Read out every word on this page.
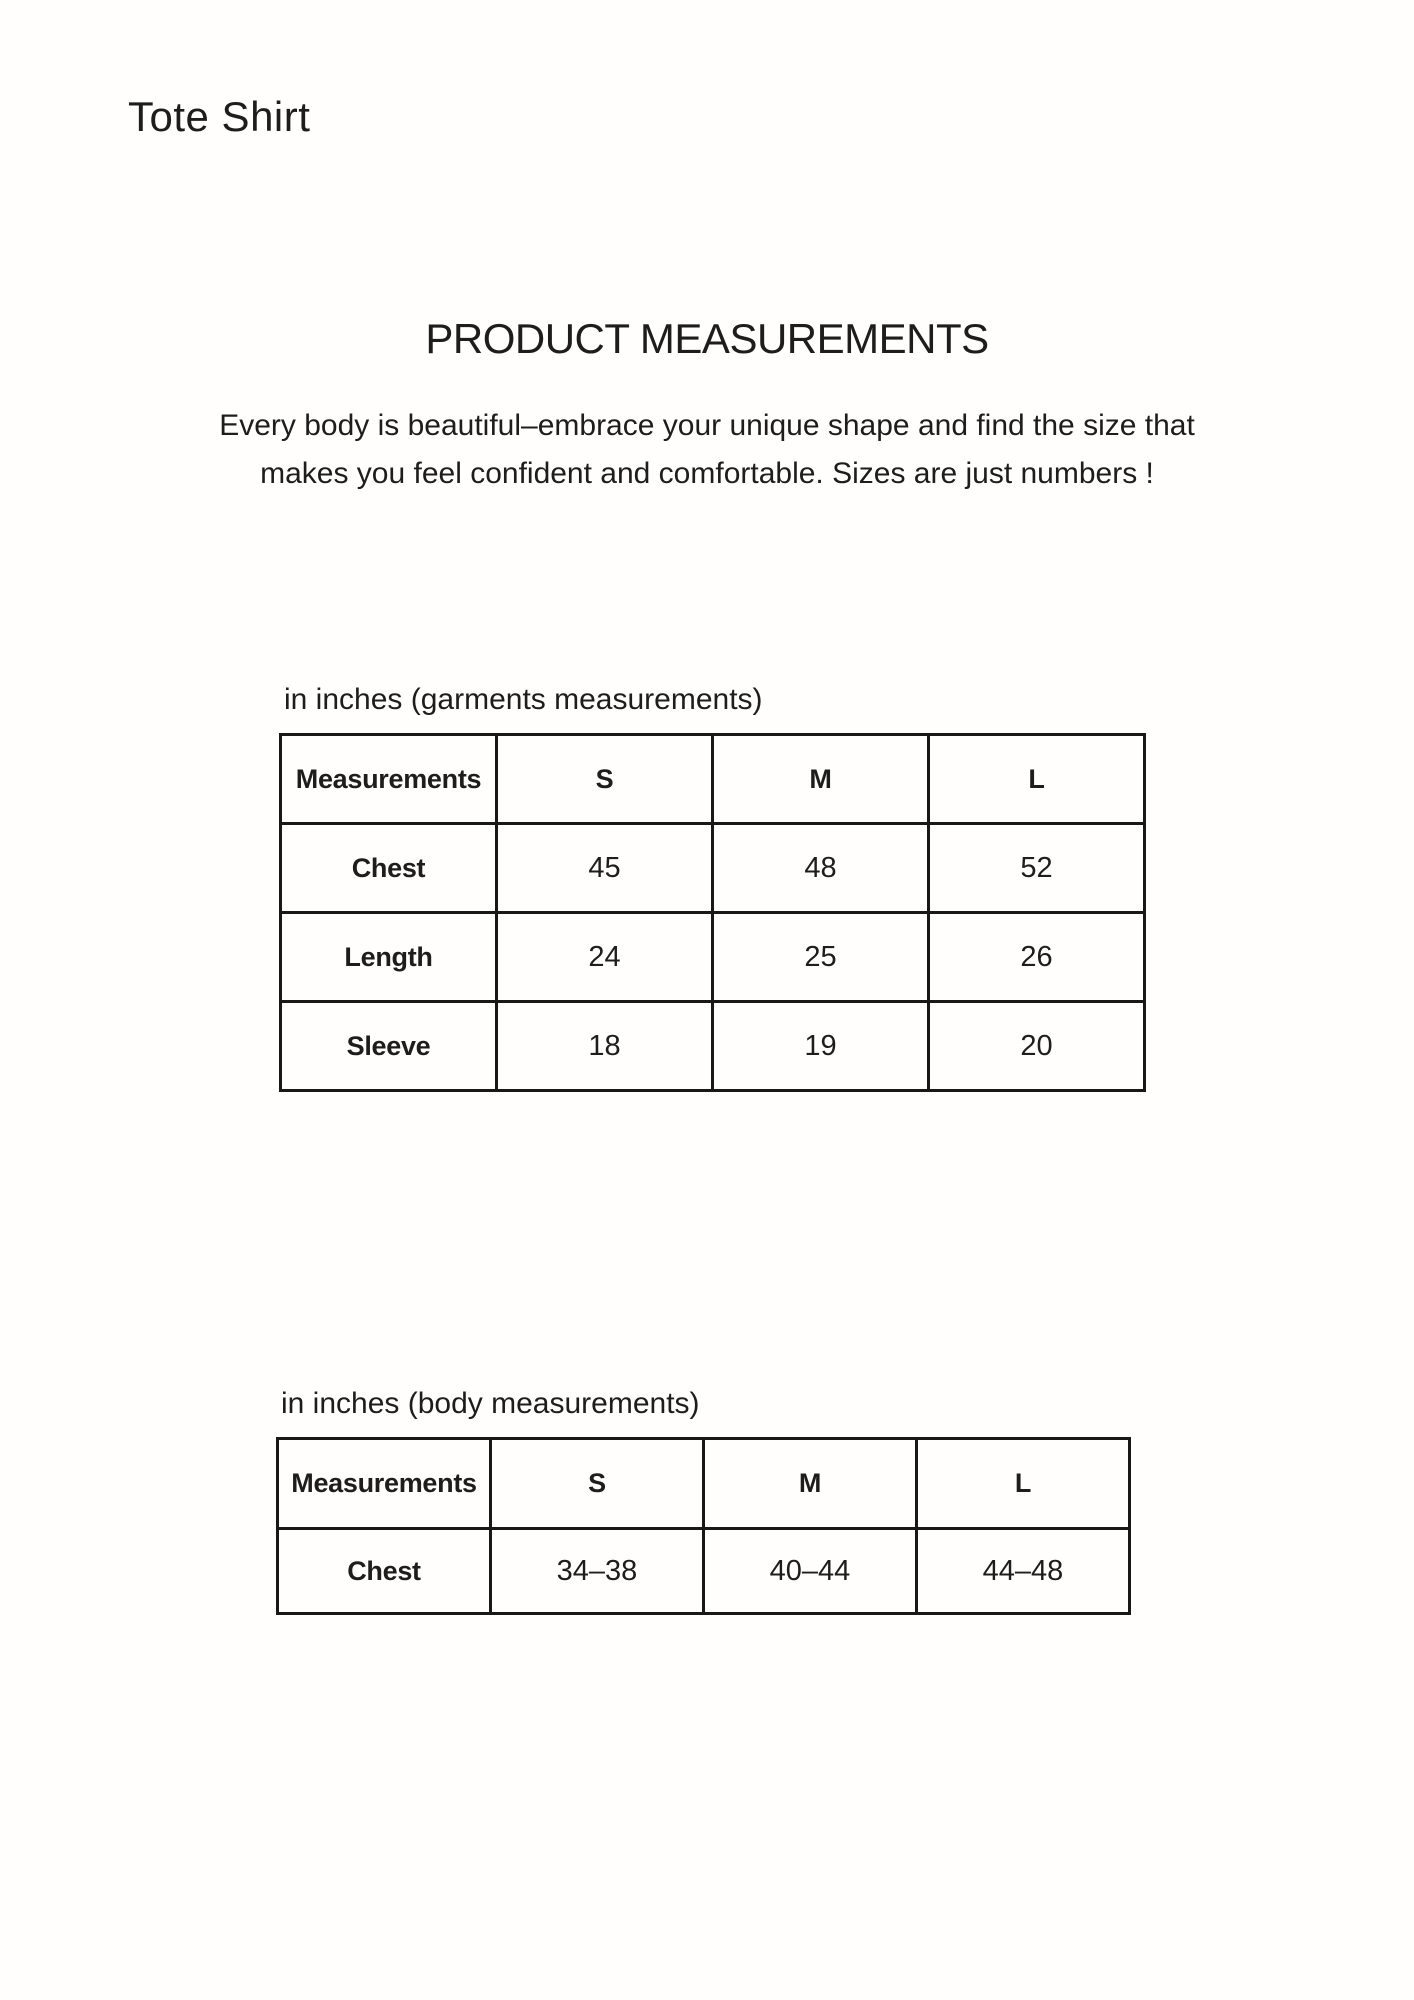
Tote Shirt
PRODUCT MEASUREMENTS
Every body is beautiful–embrace your unique shape and find the size that
makes you feel confident and comfortable. Sizes are just numbers !
in inches (garments measurements)
Measurements	S	M	L
Chest	45	48	52
Length	24	25	26
Sleeve	18	19	20
in inches (body measurements)
Measurements	S	M	L
Chest	34–38	40–44	44–48
